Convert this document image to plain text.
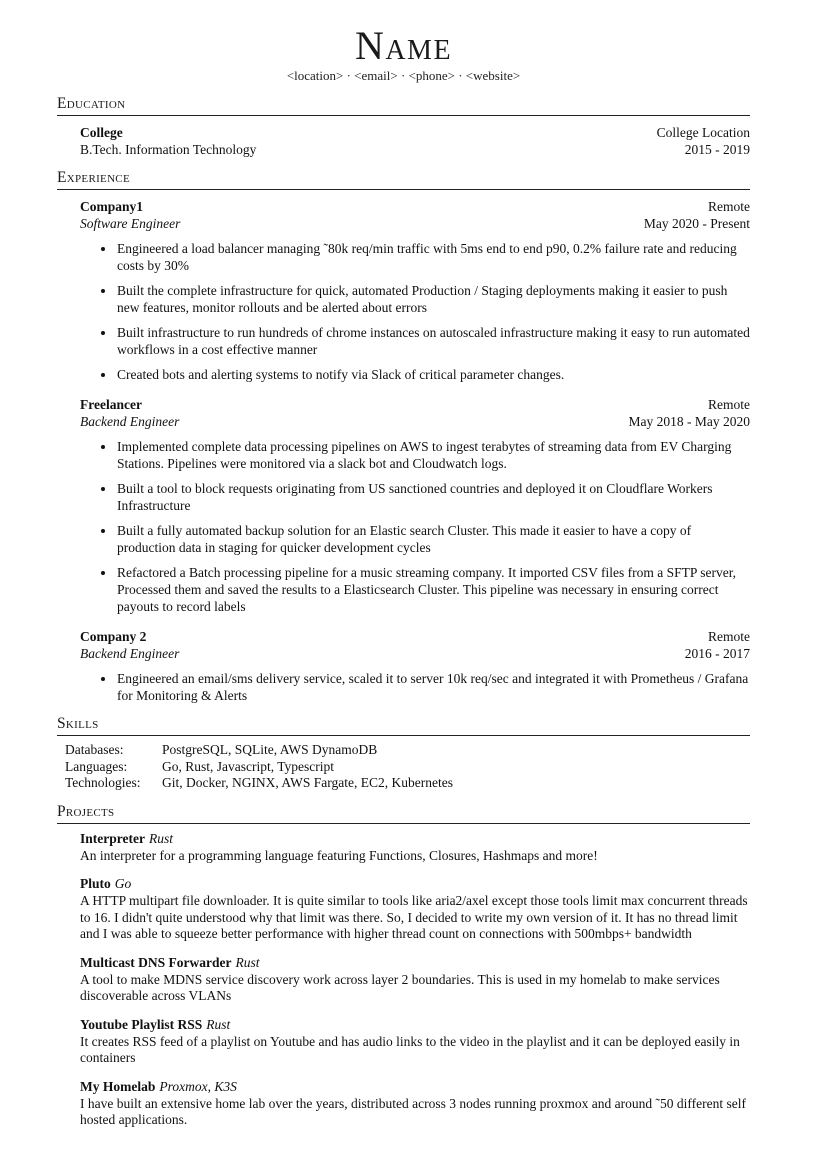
Name
<location> · <email> · <phone> · <website>
Education
College	College Location
B.Tech. Information Technology	2015 - 2019
Experience
Company1	Remote
Software Engineer	May 2020 - Present
• Engineered a load balancer managing ˜80k req/min traffic with 5ms end to end p90, 0.2% failure rate and reducing costs by 30%
• Built the complete infrastructure for quick, automated Production / Staging deployments making it easier to push new features, monitor rollouts and be alerted about errors
• Built infrastructure to run hundreds of chrome instances on autoscaled infrastructure making it easy to run automated workflows in a cost effective manner
• Created bots and alerting systems to notify via Slack of critical parameter changes.
Freelancer	Remote
Backend Engineer	May 2018 - May 2020
• Implemented complete data processing pipelines on AWS to ingest terabytes of streaming data from EV Charging Stations. Pipelines were monitored via a slack bot and Cloudwatch logs.
• Built a tool to block requests originating from US sanctioned countries and deployed it on Cloudflare Workers Infrastructure
• Built a fully automated backup solution for an Elastic search Cluster. This made it easier to have a copy of production data in staging for quicker development cycles
• Refactored a Batch processing pipeline for a music streaming company. It imported CSV files from a SFTP server, Processed them and saved the results to a Elasticsearch Cluster. This pipeline was necessary in ensuring correct payouts to record labels
Company 2	Remote
Backend Engineer	2016 - 2017
• Engineered an email/sms delivery service, scaled it to server 10k req/sec and integrated it with Prometheus / Grafana for Monitoring & Alerts
Skills
Databases:	PostgreSQL, SQLite, AWS DynamoDB
Languages:	Go, Rust, Javascript, Typescript
Technologies:	Git, Docker, NGINX, AWS Fargate, EC2, Kubernetes
Projects
Interpreter Rust
An interpreter for a programming language featuring Functions, Closures, Hashmaps and more!
Pluto Go
A HTTP multipart file downloader. It is quite similar to tools like aria2/axel except those tools limit max concurrent threads to 16. I didn't quite understood why that limit was there. So, I decided to write my own version of it. It has no thread limit and I was able to squeeze better performance with higher thread count on connections with 500mbps+ bandwidth
Multicast DNS Forwarder Rust
A tool to make MDNS service discovery work across layer 2 boundaries. This is used in my homelab to make services discoverable across VLANs
Youtube Playlist RSS Rust
It creates RSS feed of a playlist on Youtube and has audio links to the video in the playlist and it can be deployed easily in containers
My Homelab Proxmox, K3S
I have built an extensive home lab over the years, distributed across 3 nodes running proxmox and around ˜50 different self hosted applications.
